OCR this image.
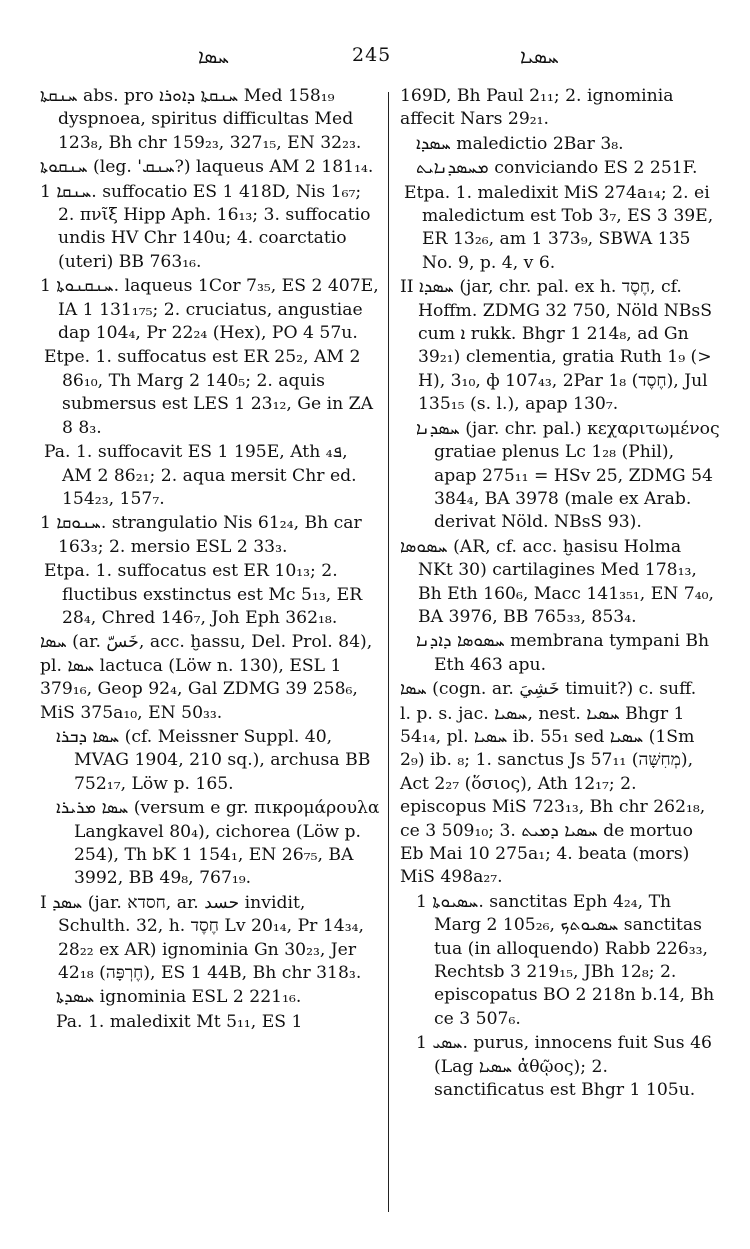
ܚܣܐ	245	ܚܣܝܐ

ܚܢܩܬܐ abs. pro ܚܢܩܬܐ ܕܐܘܪܐ Med 158₁₉ dyspnoea, spiritus difficultas Med 123₈, Bh chr 159₂₃, 327₁₅, EN 32₂₃.

ܚܢܩܘܬܐ (leg. 'ܚܢܩ?) laqueus AM 2 181₁₄.

ܚܢܩܐ 1. suffocatio ES 1 418D, Nis 1₆₇; 2. πνῖξ Hipp Aph. 16₁₃; 3. suffocatio undis HV Chr 140u; 4. coarctatio (uteri) BB 763₁₆.

ܚܢܩܢܘܬܐ 1. laqueus 1Cor 7₃₅, ES 2 407E, IA 1 131₁₇₅; 2. cruciatus, angustiae dap 104₄, Pr 22₂₄ (Hex), PO 4 57u.

Etpe. 1. suffocatus est ER 25₂, AM 2 86₁₀, Th Marg 2 140₅; 2. aquis submersus est LES 1 23₁₂, Ge in ZA 8 8₃.

Pa. 1. suffocavit ES 1 195E, Ath ܦ₄, AM 2 86₂₁; 2. aqua mersit Chr ed. 154₂₃, 157₇.

ܚܢܘܩܐ 1. strangulatio Nis 61₂₄, Bh car 163₃; 2. mersio ESL 2 33₃.

Etpa. 1. suffocatus est ER 10₁₃; 2. fluctibus exstinctus est Mc 5₁₃, ER 28₄, Chred 146₇, Joh Eph 362₁₈.

ܚܣܐ (ar. خَسّ, acc. ḫassu, Del. Prol. 84), pl. ܚܣܐ lactuca (Löw n. 130), ESL 1 379₁₆, Geop 92₄, Gal ZDMG 39 258₆, MiS 375a₁₀, EN 50₃₃.

ܚܣܐ ܕܒܪܐ (cf. Meissner Suppl. 40, MVAG 1904, 210 sq.), archusa BB 752₁₇, Löw p. 165.

ܚܣܐ ܡܪܝܪܐ (versum e gr. πικρομάρουλα Langkavel 80₄), cichorea (Löw p. 254), Th bK 1 154₁, EN 26₇₅, BA 3992, BB 49₈, 767₁₉.

I ܚܣܕ (jar. חסדא, ar. حسد invidit, Schulth. 32, h. חֶסֶד Lv 20₁₄, Pr 14₃₄, 28₂₂ ex AR) ignominia Gn 30₂₃, Jer 42₁₈ (חֶרְפָּה), ES 1 44B, Bh chr 318₃.

ܚܣܕܬܐ ignominia ESL 2 221₁₆.

Pa. 1. maledixit Mt 5₁₁, ES 1

169D, Bh Paul 2₁₁; 2. ignominia affecit Nars 29₂₁.

ܚܣܕܐ maledictio 2Bar 3₈.

ܡܚܣܕܢܐܝܬ conviciando ES 2 251F.

Etpa. 1. maledixit MiS 274a₁₄; 2. ei maledictum est Tob 3₇, ES 3 39E, ER 13₂₆, am 1 373₉, SBWA 135 No. 9, p. 4, v 6.

II ܚܣܕܐ (jar, chr. pal. ex h. חֶסֶד, cf. Hoffm. ZDMG 32 750, Nöld NBsS cum ܐ rukk. Bhgr 1 214₈, ad Gn 39₂₁) clementia, gratia Ruth 1₉ (> H), 3₁₀, ф 107₄₃, 2Par 1₈ (חֶסֶד), Jul 135₁₅ (s. l.), apap 130₇.

ܚܣܕܢܐ (jar. chr. pal.) κεχαριτωμένος gratiae plenus Lc 1₂₈ (Phil), apap 275₁₁ = HSv 25, ZDMG 54 384₄, BA 3978 (male ex Arab. derivat Nöld. NBsS 93).

ܚܣܘܣܐ (AR, cf. acc. ḫasisu Holma NKt 30) cartilagines Med 178₁₃, Bh Eth 160₆, Macc 141₃₅₁, EN 7₄₀, BA 3976, BB 765₃₃, 853₄.

ܚܣܘܣܐ ܕܐܕܢܐ membrana tympani Bh Eth 463 apu.

ܚܣܐ (cogn. ar. خَشِيَ timuit?) c. suff.

l. p. s. jac. ܚܣܝܐ, nest. ܚܣܝܐ Bhgr 1 54₁₄, pl. ܚܣܝܐ ib. 55₁ sed ܚܣܝܐ (1Sm 2₉) ib. ₈; 1. sanctus Js 57₁₁ (מְחִשָּׁה), Act 2₂₇ (ὅσιος), Ath 12₁₇; 2. episcopus MiS 723₁₃, Bh chr 262₁₈, ce 3 509₁₀; 3. ܚܣܝܐ ܕܡܝܬ de mortuo Eb Mai 10 275a₁; 4. beata (mors) MiS 498a₂₇.

ܚܣܝܘܬܐ 1. sanctitas Eph 4₂₄, Th Marg 2 105₂₆, ܚܣܝܘܬܟ sanctitas tua (in alloquendo) Rabb 226₃₃, Rechtsb 3 219₁₅, JBh 12₈; 2. episcopatus BO 2 218n b.14, Bh ce 3 507₆.

ܚܣܝ 1. purus, innocens fuit Sus 46 (Lag ܚܣܝܐ ἀθῷος); 2. sanctificatus est Bhgr 1 105u.
